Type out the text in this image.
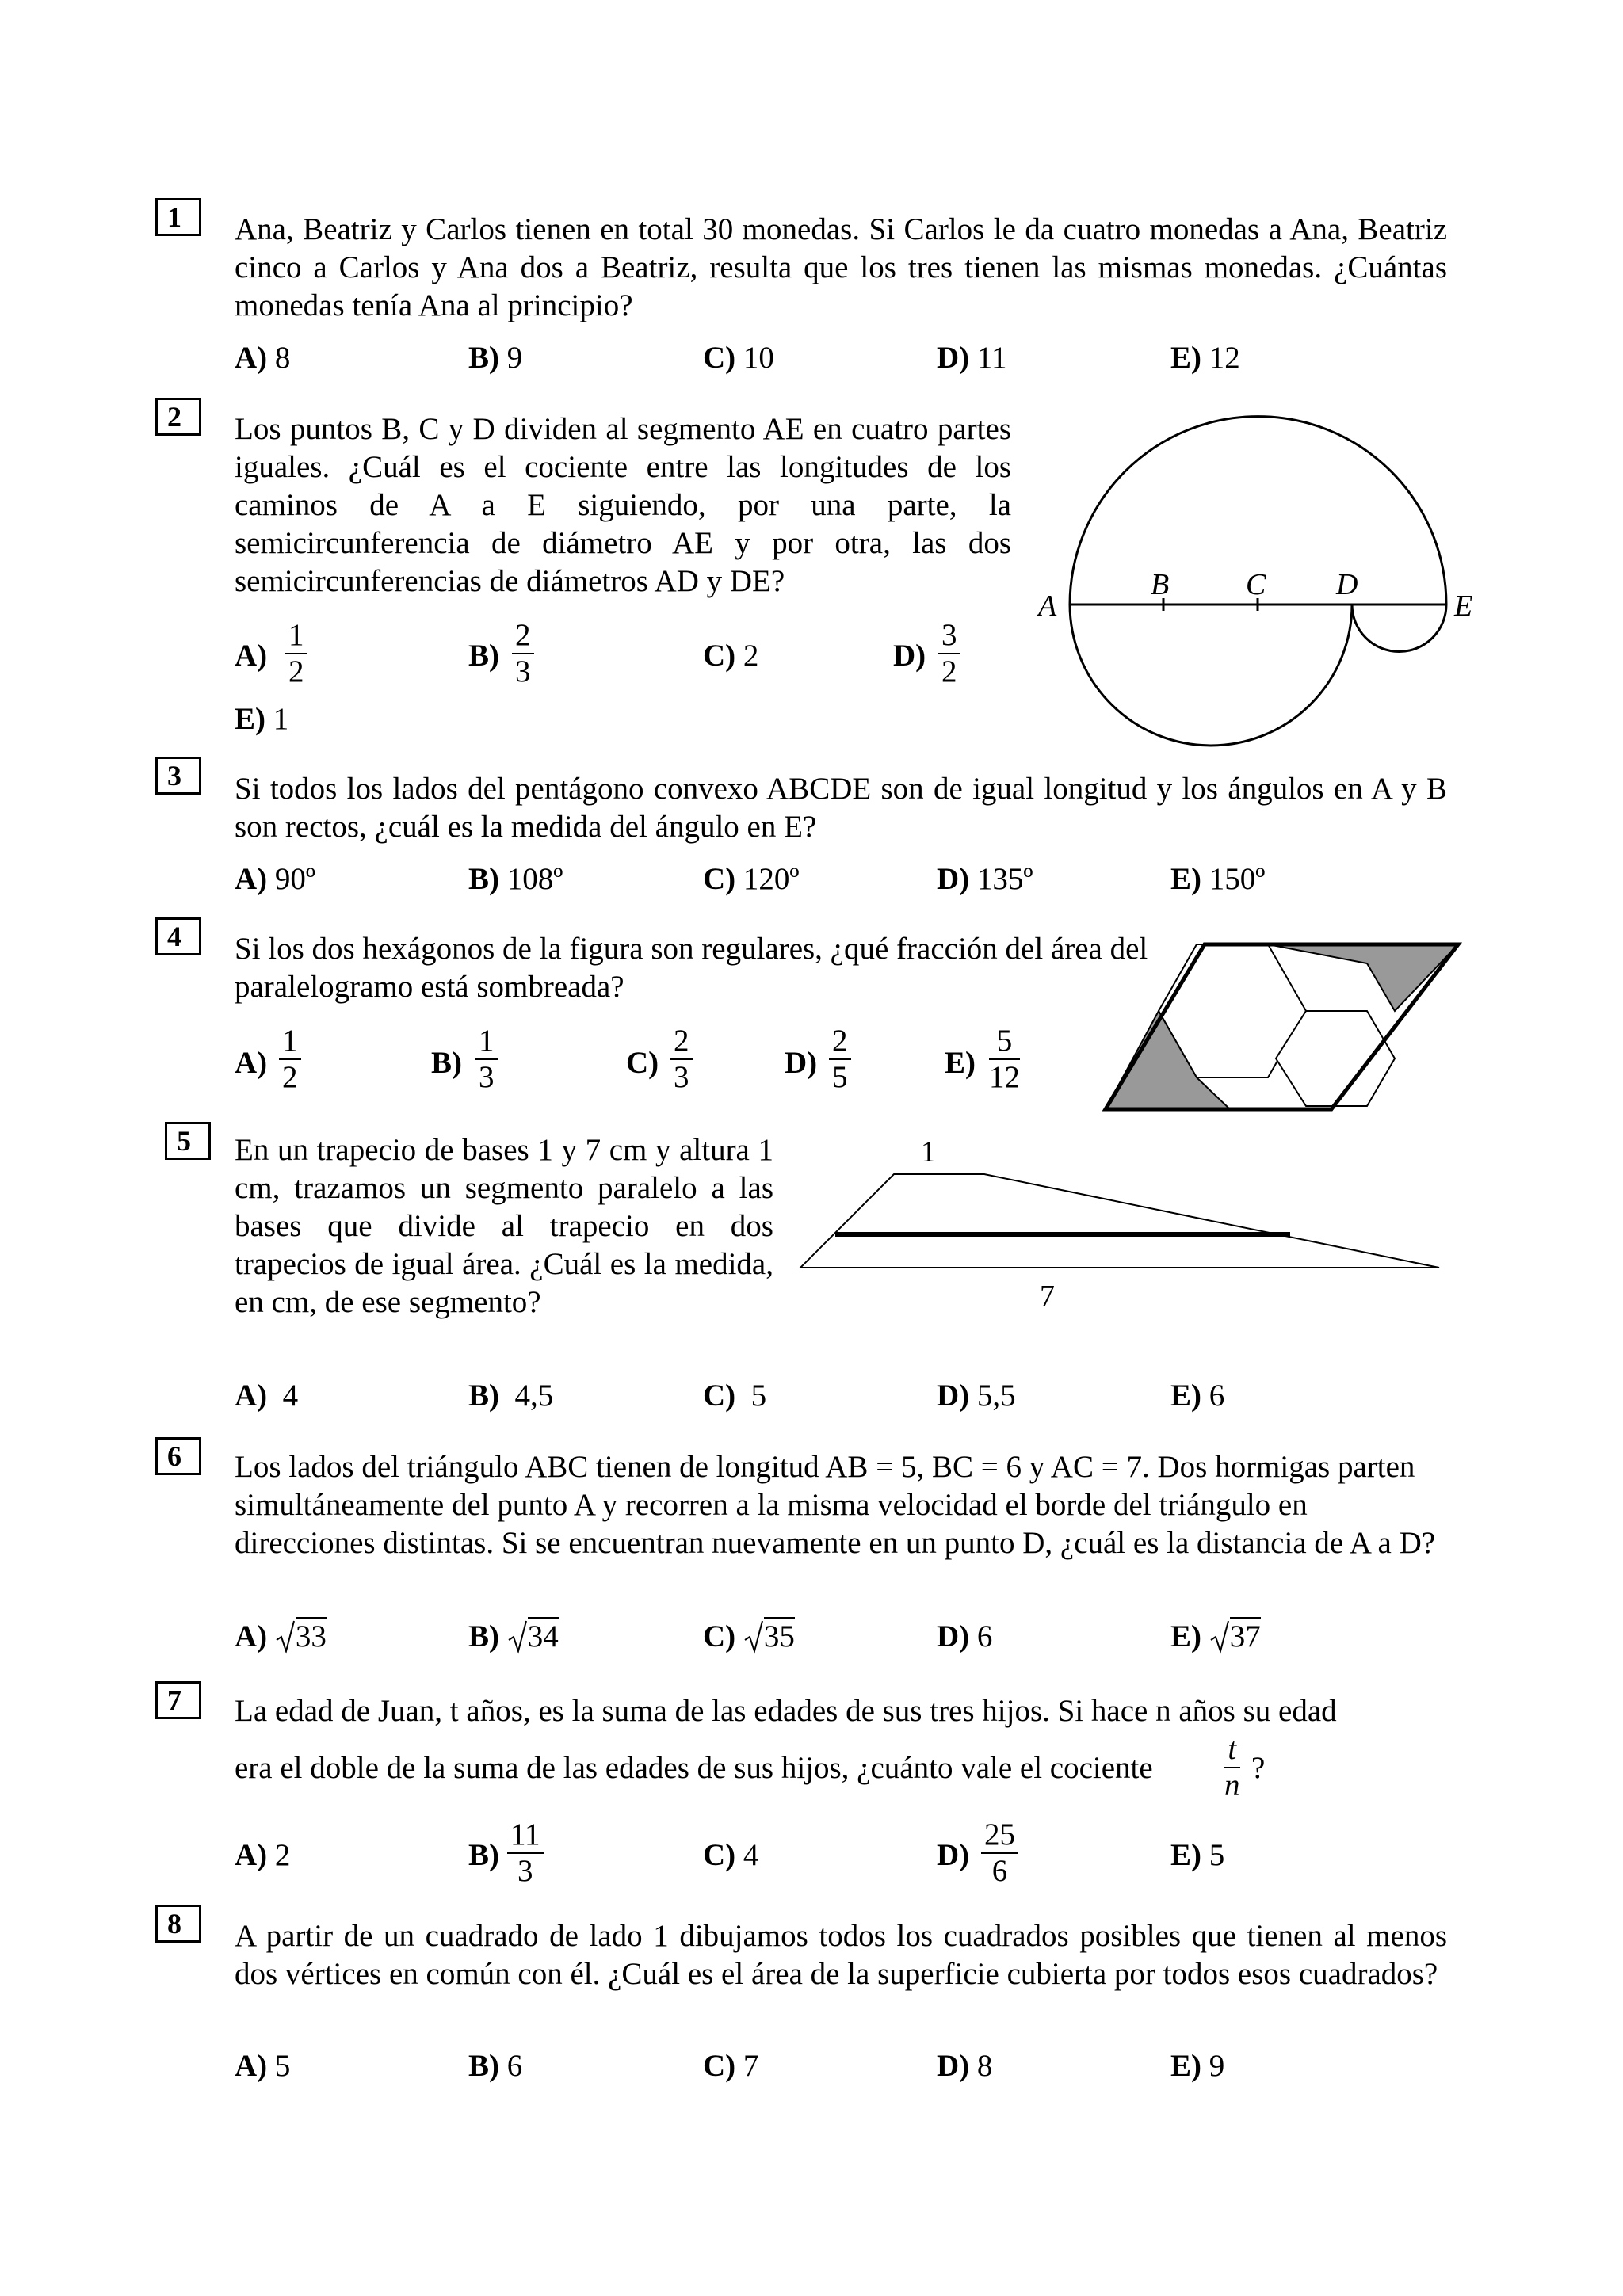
1	Ana, Beatriz y Carlos tienen en total 30 monedas. Si Carlos le da cuatro monedas a Ana, Beatriz cinco a Carlos y Ana dos a Beatriz, resulta que los tres tienen las mismas monedas. ¿Cuántas monedas tenía Ana al principio?
A) 8	B) 9	C) 10	D) 11	E) 12
2	Los puntos B, C y D dividen al segmento AE en cuatro partes iguales. ¿Cuál es el cociente entre las longitudes de los caminos de A a E siguiendo, por una parte, la semicircunferencia de diámetro AE y por otra, las dos semicircunferencias de diámetros AD y DE?
A)
1
2	B)
2
3	C) 2	D)
3
2
E) 1
A
B	C D
E
3	Si todos los lados del pentágono convexo ABCDE son de igual longitud y los ángulos en A y B son rectos, ¿cuál es la medida del ángulo en E?
A) 90º	B) 108º	C) 120º	D) 135º	E) 150º
4	Si los dos hexágonos de la figura son regulares, ¿qué fracción del área del paralelogramo está sombreada?
A)
1
2	B)
1
3	C)
2
3	D)
2
5	E)
5
12
5	En un trapecio de bases 1 y 7 cm y altura 1 cm, trazamos un segmento paralelo a las bases que divide al trapecio en dos trapecios de igual área. ¿Cuál es la medida, en cm, de ese segmento?
A) 4	B) 4,5	C) 5	D) 5,5	E) 6
1
7
6	Los lados del triángulo ABC tienen de longitud AB = 5, BC = 6 y AC = 7. Dos hormigas parten simultáneamente del punto A y recorren a la misma velocidad el borde del triángulo en direcciones distintas. Si se encuentran nuevamente en un punto D, ¿cuál es la distancia de A a D?
A) 33	B) 34	C) 35	D) 6	E) 37
7	La edad de Juan, t años, es la suma de las edades de sus tres hijos. Si hace n años su edad
era el doble de la suma de las edades de sus hijos, ¿cuánto vale el cociente
t
n
?
A) 2	B)
11
3	C) 4	D)
25
6	E) 5
8	A partir de un cuadrado de lado 1 dibujamos todos los cuadrados posibles que tienen al menos dos vértices en común con él. ¿Cuál es el área de la superficie cubierta por todos esos cuadrados?
A) 5	B) 6	C) 7	D) 8	E) 9
